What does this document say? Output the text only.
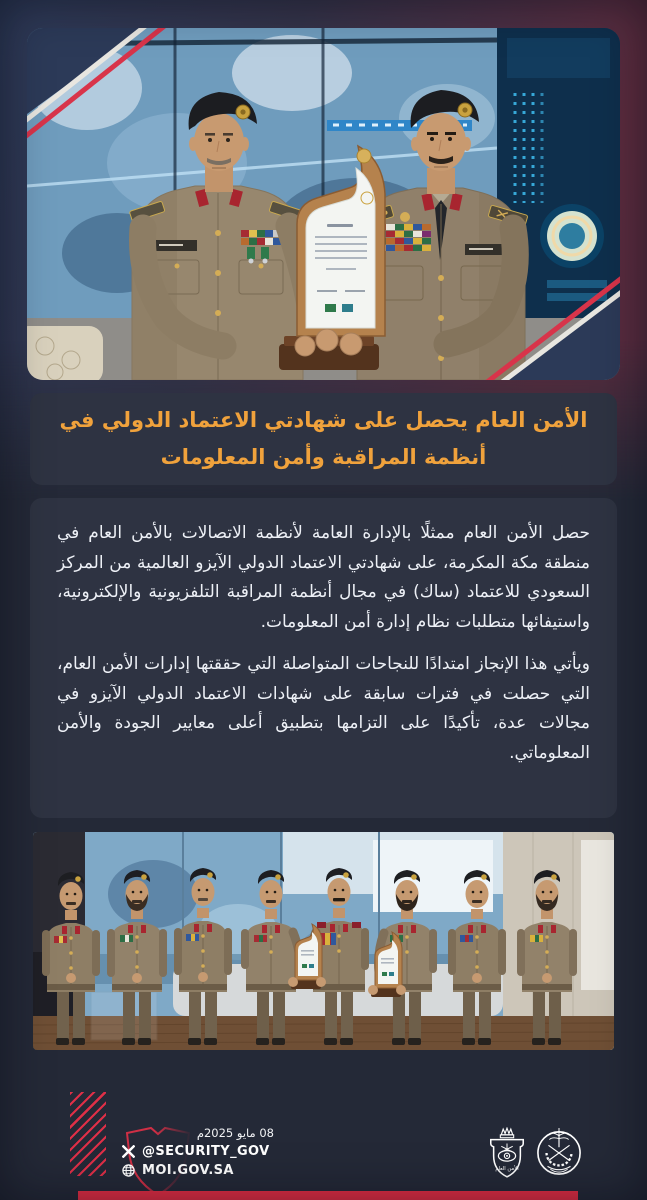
الأمن العام يحصل على شهادتي الاعتماد الدولي في
أنظمة المراقبة وأمن المعلومات

حصل الأمن العام ممثلًا بالإدارة العامة لأنظمة الاتصالات بالأمن العام في منطقة مكة المكرمة، على شهادتي الاعتماد الدولي الآيزو العالمية من المركز السعودي للاعتماد (ساك) في مجال أنظمة المراقبة التلفزيونية والإلكترونية، واستيفائها متطلبات نظام إدارة أمن المعلومات.

ويأتي هذا الإنجاز امتدادًا للنجاحات المتواصلة التي حققتها إدارات الأمن العام، التي حصلت في فترات سابقة على شهادات الاعتماد الدولي الآيزو في مجالات عدة، تأكيدًا على التزامها بتطبيق أعلى معايير الجودة والأمن المعلوماتي.

08 مايو 2025م
@SECURITY_GOV
MOI.GOV.SA	الأمن العام
